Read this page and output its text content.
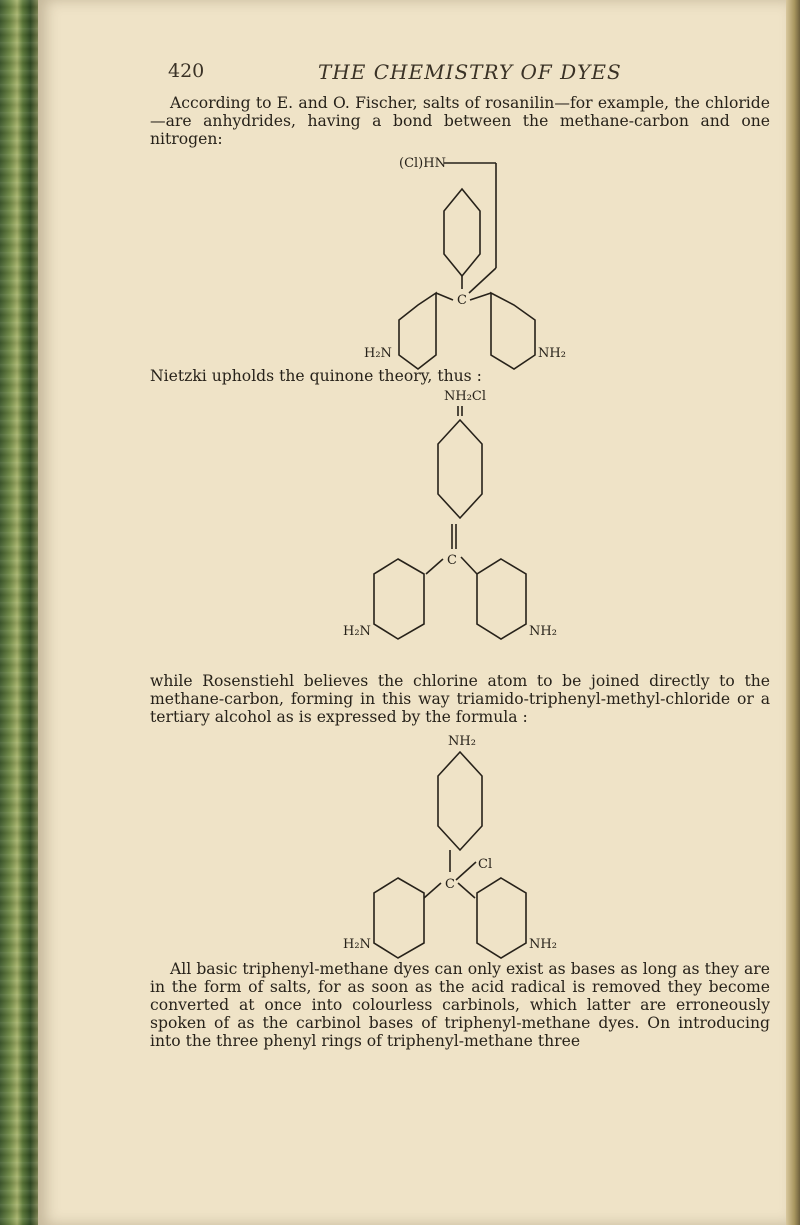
420	THE CHEMISTRY OF DYES

According to E. and O. Fischer, salts of rosanilin—for example, the chloride—are anhydrides, having a bond between the methane-carbon and one nitrogen:

(Cl)HN
C
H₂N	NH₂

Nietzki upholds the quinone theory, thus :

NH₂Cl
C
H₂N	NH₂

while Rosenstiehl believes the chlorine atom to be joined directly to the methane-carbon, forming in this way triamido-triphenyl-methyl-chloride or a tertiary alcohol as is expressed by the formula :

NH₂
Cl
C
H₂N	NH₂

All basic triphenyl-methane dyes can only exist as bases as long as they are in the form of salts, for as soon as the acid radical is removed they become converted at once into colourless carbinols, which latter are erroneously spoken of as the carbinol bases of triphenyl-methane dyes. On introducing into the three phenyl rings of triphenyl-methane three
